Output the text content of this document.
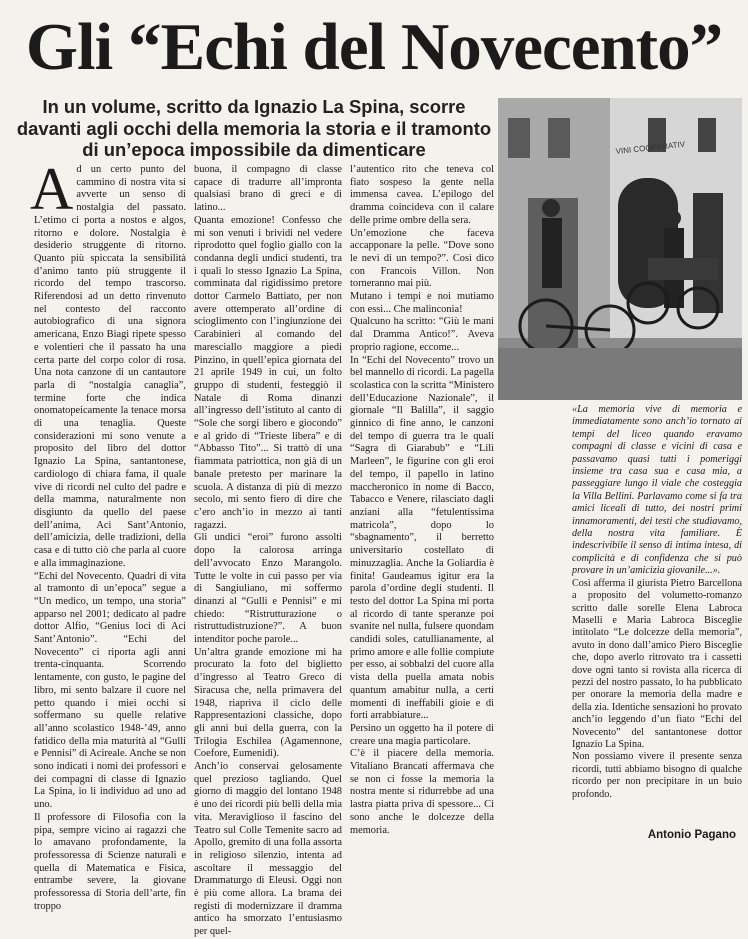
Gli “Echi del Novecento”
In un volume, scritto da Ignazio La Spina, scorre davanti agli occhi della memoria la storia e il tramonto di un’epoca impossibile da dimenticare	VINI COOPERATIV
A d un certo punto del cammino di nostra vita si avverte un senso di nostalgia del passato. L’etimo ci porta a nostos e algos, ritorno e dolore. Nostalgia è desiderio struggente di ritorno. Quanto più spiccata la sensibilità d’animo tanto più struggente il ricordo del tempo trascorso. Riferendosi ad un detto rinvenuto nel contesto del racconto autobiografico di una signora americana, Enzo Biagi ripete spesso e volentieri che il passato ha una certa parte del corpo color di rosa. Una nota canzone di un cantautore parla di “nostalgia canaglia”, termine forte che indica onomatopeicamente la tenace morsa di una tenaglia. Queste considerazioni mi sono venute a proposito del libro del dottor Ignazio La Spina, santantonese, cardiologo di chiara fama, il quale vive di ricordi nel culto del padre e della mamma, naturalmente non disgiunto da quello del paese dell’anima, Aci Sant’Antonio, dell’amicizia, delle tradizioni, della casa e di tutto ciò che parla al cuore e alla immaginazione.

“Echi del Novecento. Quadri di vita al tramonto di un’epoca” segue a “Un medico, un tempo, una storia” apparso nel 2001; dedicato al padre dottor Alfio, “Genius loci di Aci Sant’Antonio”. “Echi del Novecento” ci riporta agli anni trenta-cinquanta. Scorrendo lentamente, con gusto, le pagine del libro, mi sento balzare il cuore nel petto quando i miei occhi si soffermano su quelle relative all’anno scolastico 1948-’49, anno fatidico della mia maturità al “Gulli e Pennisi” di Acireale. Anche se non sono indicati i nomi dei professori e dei compagni di classe di Ignazio La Spina, io li individuo ad uno ad uno.

Il professore di Filosofia con la pipa, sempre vicino ai ragazzi che lo amavano profondamente, la professoressa di Scienze naturali e quella di Matematica e Fisica, entrambe severe, la giovane professoressa di Storia dell’arte, fin troppo

buona, il compagno di classe capace di tradurre all’impronta qualsiasi brano di greci e di latino...

Quanta emozione! Confesso che mi son venuti i brividi nel vedere riprodotto quel foglio giallo con la condanna degli undici studenti, tra i quali lo stesso Ignazio La Spina, comminata dal rigidissimo pretore dottor Carmelo Battiato, per non avere ottemperato all’ordine di scioglimento con l’ingiunzione dei Carabinieri al comando del maresciallo maggiore a piedi Pinzino, in quell’epica giornata del 21 aprile 1949 in cui, un folto gruppo di studenti, festeggiò il Natale di Roma dinanzi all’ingresso dell’istituto al canto di “Sole che sorgi libero e giocondo” e al grido di “Trieste libera” e di “Abbasso Tito”... Si trattò di una fiammata patriottica, non già di un banale pretesto per marinare la scuola. A distanza di più di mezzo secolo, mi sento fiero di dire che c’ero anch’io in mezzo ai tanti ragazzi.

Gli undici “eroi” furono assolti dopo la calorosa arringa dell’avvocato Enzo Marangolo. Tutte le volte in cui passo per via di Sangiuliano, mi soffermo dinanzi al “Gulli e Pennisi” e mi chiedo: “Ristrutturazione o ristruttudistruzione?”. A buon intenditor poche parole...

Un’altra grande emozione mi ha procurato la foto del biglietto d’ingresso al Teatro Greco di Siracusa che, nella primavera del 1948, riaprìva il ciclo delle Rappresentazioni classiche, dopo gli anni bui della guerra, con la Trilogia Eschilea (Agamennone, Coefore, Eumenidi).

Anch’io conservai gelosamente quel prezioso tagliando. Quel giorno di maggio del lontano 1948 è uno dei ricordi più belli della mia vita. Meraviglioso il fascino del Teatro sul Colle Temenite sacro ad Apollo, gremito di una folla assorta in religioso silenzio, intenta ad ascoltare il messaggio del Drammaturgo di Eleusi. Oggi non è più come allora. La brama dei registi di modernizzare il dramma antico ha smorzato l’entusiasmo per quel-

l’autentico rito che teneva col fiato sospeso la gente nella immensa cavea. L’epilogo del dramma coincideva con il calare delle prime ombre della sera.

Un’emozione che faceva accapponare la pelle. “Dove sono le nevi di un tempo?”. Così dico con Francois Villon. Non torneranno mai più.

Mutano i tempi e noi mutiamo con essi... Che malinconia!

Qualcuno ha scritto: “Giù le mani dal Dramma Antico!”. Aveva proprio ragione, eccome...

In “Echi del Novecento” trovo un bel mannello di ricordi. La pagella scolastica con la scritta “Ministero dell’Educazione Nazionale”, il giornale “Il Balilla”, il saggio ginnico di fine anno, le canzoni del tempo di guerra tra le quali “Sagra di Giarabub” e “Lilì Marleen”, le figurine con gli eroi del tempo, il papello in latino maccheronico in nome di Bacco, Tabacco e Venere, rilasciato dagli anziani alla “fetulentissima matricola”, dopo lo “sbagnamento”, il berretto universitario costellato di minuzzaglia. Anche la Goliardia è finita! Gaudeamus igitur era la parola d’ordine degli studenti. Il testo del dottor La Spina mi porta al ricordo di tante speranze poi svanite nel nulla, fulsere quondam candidi soles, catullianamente, al primo amore e alle follie compiute per esso, ai sobbalzi del cuore alla vista della puella amata nobis quantum amabitur nulla, a certi momenti di ineffabili gioie e di forti arrabbiature...

Persino un oggetto ha il potere di creare una magia particolare.

C’è il piacere della memoria. Vitaliano Brancati affermava che se non ci fosse la memoria la nostra mente si ridurrebbe ad una lastra piatta priva di spessore... Ci sono anche le dolcezze della memoria.

«La memoria vive di memoria e immediatamente sono anch’io tornato ai tempi del liceo quando eravamo compagni di classe e vicini di casa e passavamo quasi tutti i pomeriggi insieme tra casa sua e casa mia, a passeggiare lungo il viale che costeggia la Villa Bellini. Parlavamo come si fa tra amici liceali di tutto, dei nostri primi innamoramenti, dei testi che studiavamo, della nostra vita familiare. È indescrivibile il senso di intima intesa, di complicità e di confidenza che si può provare in un’amicizia giovanile...».

Così afferma il giurista Pietro Barcellona a proposito del volumetto-romanzo scritto dalle sorelle Elena Labroca Maselli e Maria Labroca Bisceglie intitolato “Le dolcezze della memoria”, avuto in dono dall’amico Piero Bisceglie che, dopo averlo ritrovato tra i cassetti dove ogni tanto si rovista alla ricerca di pezzi del nostro passato, lo ha pubblicato per onorare la memoria della madre e della zia. Identiche sensazioni ho provato anch’io leggendo d’un fiato “Echi del Novecento” del santantonese dottor Ignazio La Spina.

Non possiamo vivere il presente senza ricordi, tutti abbiamo bisogno di qualche ricordo per non precipitare in un buio profondo.

Antonio Pagano
